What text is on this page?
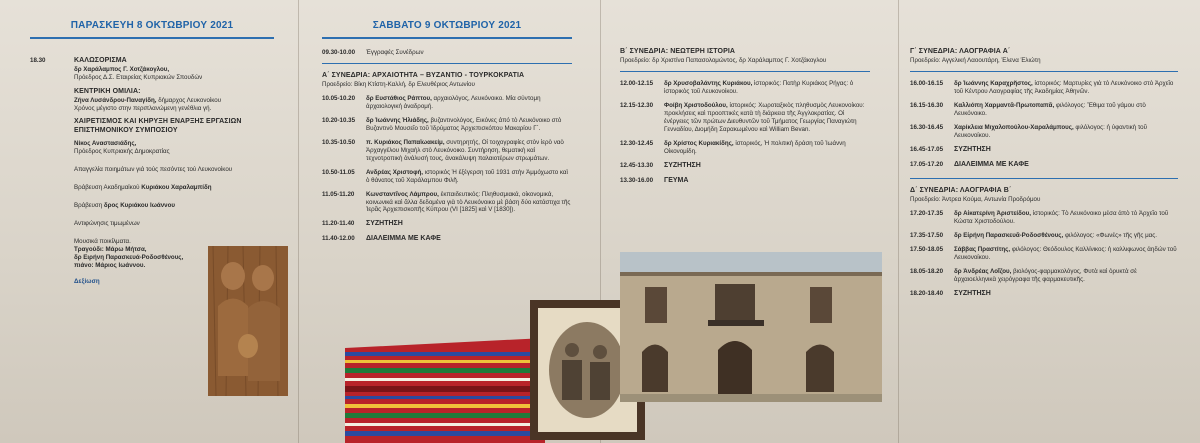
ΠΑΡΑΣΚΕΥΗ 8 ΟΚΤΩΒΡΙΟΥ 2021
18.30	ΚΑΛΩΣΟΡΙΣΜΑ
δρ Χαράλαμπος Γ. Χοτζάκογλου,
Πρόεδρος Δ.Σ. Εταιρείας Κυπριακών Σπουδών
ΚΕΝΤΡΙΚΗ ΟΜΙΛΙΑ:
Ζήνα Λυσάνδρου-Παναγίδη, δήμαρχος Λευκονοίκου
Χρόνος μέγιστο στην περιπλανώμενη γενέθλια γή.
ΧΑΙΡΕΤΙΣΜΟΣ ΚΑΙ ΚΗΡΥΞΗ ΕΝΑΡΞΗΣ ΕΡΓΑΣΙΩΝ ΕΠΙΣΤΗΜΟΝΙΚΟΥ ΣΥΜΠΟΣΙΟΥ
Νίκος Αναστασιάδης,
Πρόεδρος Κυπριακής Δημοκρατίας
Απαγγελία ποιημάτων γιά τούς πεσόντες τού Λευκονοίκου
Βράβευση Ακαδημαϊκού Κυριάκου Χαραλαμπίδη
Βράβευση δρος Κυριάκου Ιωάννου
Αντιφώνησις τιμωμένων
Μουσικά ποικίλματα.
Τραγούδι: Μάρω Μήτσα,
δρ Ειρήνη Παρασκευά-Ροδοσθένους,
πιάνο: Μάριος Ιωάννου.
Δεξίωση
ΣΑΒΒΑΤΟ 9 ΟΚΤΩΒΡΙΟΥ 2021
09.30-10.00	Έγγραφές Συνέδρων
Α΄ ΣΥΝΕΔΡΙΑ: ΑΡΧΑΙΟΤΗΤΑ – ΒΥΖΑΝΤΙΟ - ΤΟΥΡΚΟΚΡΑΤΙΑ
Προεδρείο: Βίκη Κτίστη-Καλλή, δρ Ελευθέριος Αντωνίου
10.05-10.20	δρ Ευστάθιος Ράπτου, αρχαιολόγος, Λευκόνοικο. Μία σύντομη άρχαιολογική ἀναδρομή.
10.20-10.35	δρ Ἰωάννης Ἠλιάδης, βυζαντινολόγος, Εικόνες ἀπό τὸ Λευκόνοικο στὸ Βυζαντινὸ Μουσεῖο τοῦ Ἱδρύματος Ἀρχιεπισκόπου Μακαρίου Γ΄.
10.35-10.50	π. Κυριάκος Παπαϊωακείμ, συντηρητής, Οἱ τοιχογραφίες στὸν ἱερὸ ναὸ Ἀρχαγγέλου Μιχαὴλ στὸ Λευκόνοικο. Συντήρηση, θεματικὴ καὶ τεχνοτροπικὴ ἀνάλυσή τους, ἀνακάλυψη παλαιοτέρων στρωμάτων.
10.50-11.05	Ανδρέας Χριστοφή, ιστορικός Ἡ ἐξέγερση τοῦ 1931 στὴν Ἀμμόχωστο καὶ ὁ θάνατος τοῦ Χαράλαμπου Φιλῆ.
11.05-11.20	Κωνσταντῖνος Λάμπρου, ἐκπαιδευτικός: Πληθυσμιακά, οἰκονομικά, κοινωνικά καὶ ἄλλα δεδομένα γιὰ τὸ Λευκόνοικο μὲ βάση δύο κατάστιχα τῆς Ἱερᾶς Ἀρχιεπισκοπῆς Κύπρου (VI [1825] καὶ V [1830]).
11.20-11.40	ΣΥΖΗΤΗΣΗ
11.40-12.00	ΔΙΑΛΕΙΜΜΑ ΜΕ ΚΑΦΕ
Β΄ ΣΥΝΕΔΡΙΑ: ΝΕΩΤΕΡΗ ΙΣΤΟΡΙΑ
Προεδρείο: δρ Χριστίνα Παπασολομώντος, δρ Χαράλαμπος Γ. Χοτζάκογλου
12.00-12.15	δρ Χρυσοβαλάντης Κυριάκου, ἱστορικός: Πατὴρ Κυριάκος Ρήγας: ὁ ἱστορικὸς τοῦ Λευκονοίκου.
12.15-12.30	Φοίβη Χριστοδούλου, ἱστορικός: Χωροταξικὸς πληθυσμὸς Λευκονοίκου: προκλήσεις καὶ προοπτικὲς κατὰ τὴ διάρκεια τῆς Ἀγγλοκρατίας. Οἱ ἐνέργειες τῶν πρώτων Διευθυντῶν τοῦ Τμήματος Γεωργίας Παναγιώτη Γενναδίου, Διομήδη Σαρακωμένου καὶ William Bevan.
12.30-12.45	δρ Χρίστος Κυριακίδης, ἱστορικός, Ἡ πολιτικὴ δράση τοῦ Ἰωάννη Οἰκονομίδη.
12.45-13.30	ΣΥΖΗΤΗΣΗ
13.30-16.00	ΓΕΥΜΑ
Γ΄ ΣΥΝΕΔΡΙΑ: ΛΑΟΓΡΑΦΙΑ Α΄
Προεδρείο: Αγγελική Λαοουτάρη, Έλενα Έλιώτη
16.00-16.15	δρ Ἰωάννης Καραχρῆστος, ἱστορικός: Μαρτυρίες γιὰ τὸ Λευκόνοικο στὸ Ἀρχεῖο τοῦ Κέντρου Λαογραφίας τῆς Ἀκαδημίας Ἀθηνῶν.
16.15-16.30	Καλλιόπη Χαρμαντᾶ-Πρωτοπαπᾶ, φιλόλογος: Ἔθιμα τοῦ γάμου στὸ Λευκόνοικο.
16.30-16.45	Χαρίκλεια Μιχαλοπούλου-Χαραλάμπους, φιλόλογος: ἡ ὑφαντικὴ τοῦ Λευκονοίκου.
16.45-17.05	ΣΥΖΗΤΗΣΗ
17.05-17.20	ΔΙΑΛΕΙΜΜΑ ΜΕ ΚΑΦΕ
Δ΄ ΣΥΝΕΔΡΙΑ: ΛΑΟΓΡΑΦΙΑ Β΄
Προεδρείο: Άντρεα Κούμα, Αντωνία Προδρόμου
17.20-17.35	δρ Αἰκατερίνη Ἀριστείδου, ἱστορικός: Τὸ Λευκόνοικο μέσα ἀπὸ τὸ Ἀρχεῖο τοῦ Κώστα Χριστοδούλου.
17.35-17.50	δρ Εἰρήνη Παρασκευᾶ-Ροδοσθένους, φιλόλογος: «Φωνές» τῆς γῆς μας.
17.50-18.05	Σάββας Πραστίτης, φιλόλογος: Θεόδουλος Καλλίνικος: ἡ καλλιφωνος ἀηδών τοῦ Λευκονοίκου.
18.05-18.20	δρ Ἀνδρέας Λοΐζου, βιολόγος-φαρμακολόγος, Φυτὰ καὶ ὀρυκτὰ σὲ ἀρχαιοελληνικὰ χειρόγραφα τῆς φαρμακευτικῆς.
18.20-18.40	ΣΥΖΗΤΗΣΗ
